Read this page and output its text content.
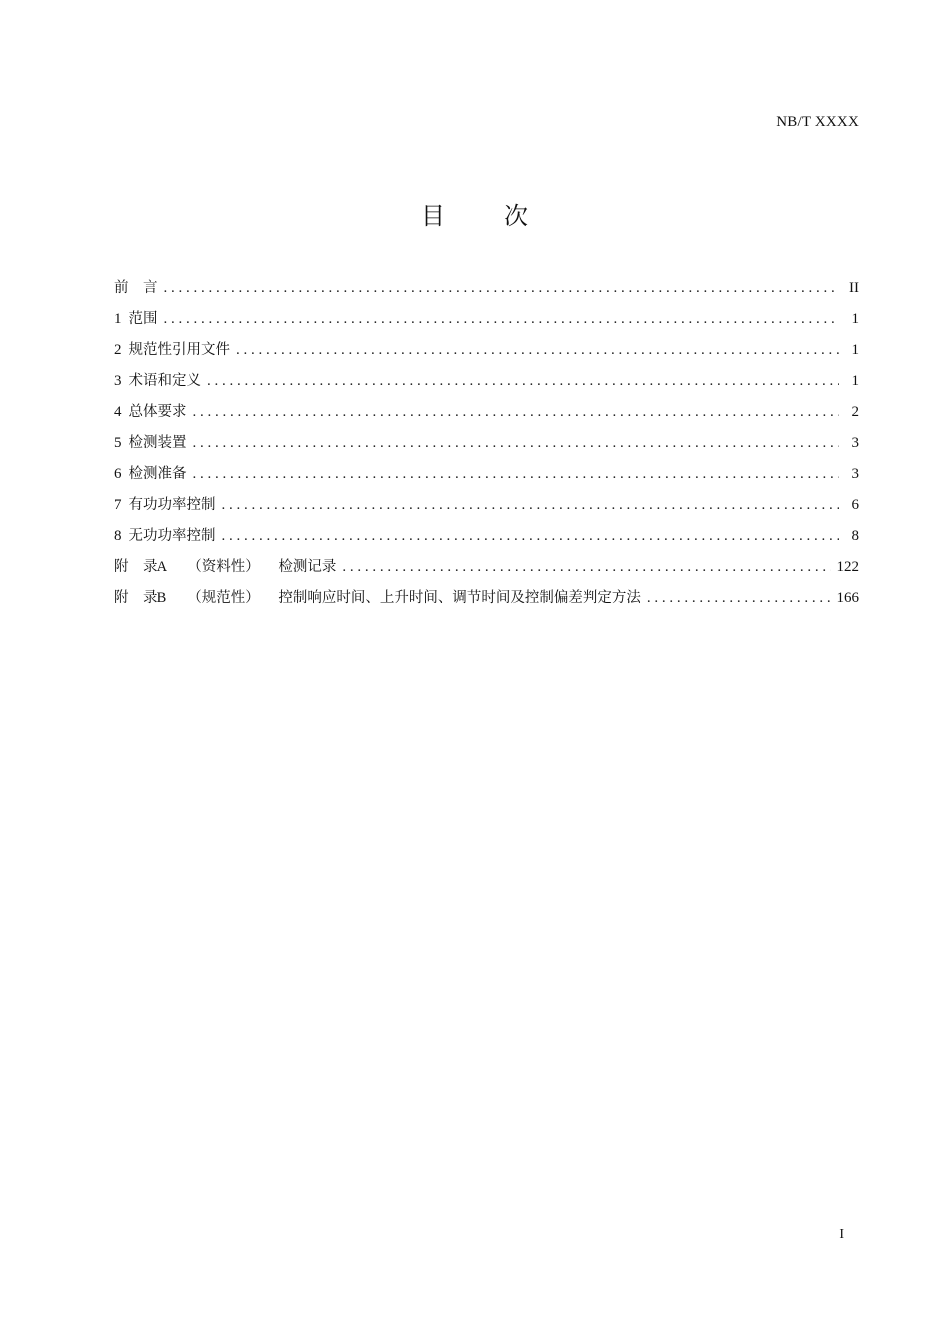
NB/T XXXX
目 次
前　言 . . .	II
1 范围 . . .	1
2 规范性引用文件 . . .	1
3 术语和定义 . . .	1
4 总体要求 . . .	2
5 检测装置 . . .	3
6 检测准备 . . .	3
7 有功功率控制 . . .	6
8 无功功率控制 . . .	8
附　录 A （资料性） 检测记录 . . .	122
附　录 B （规范性） 控制响应时间、上升时间、调节时间及控制偏差判定方法 . . .	166
I
